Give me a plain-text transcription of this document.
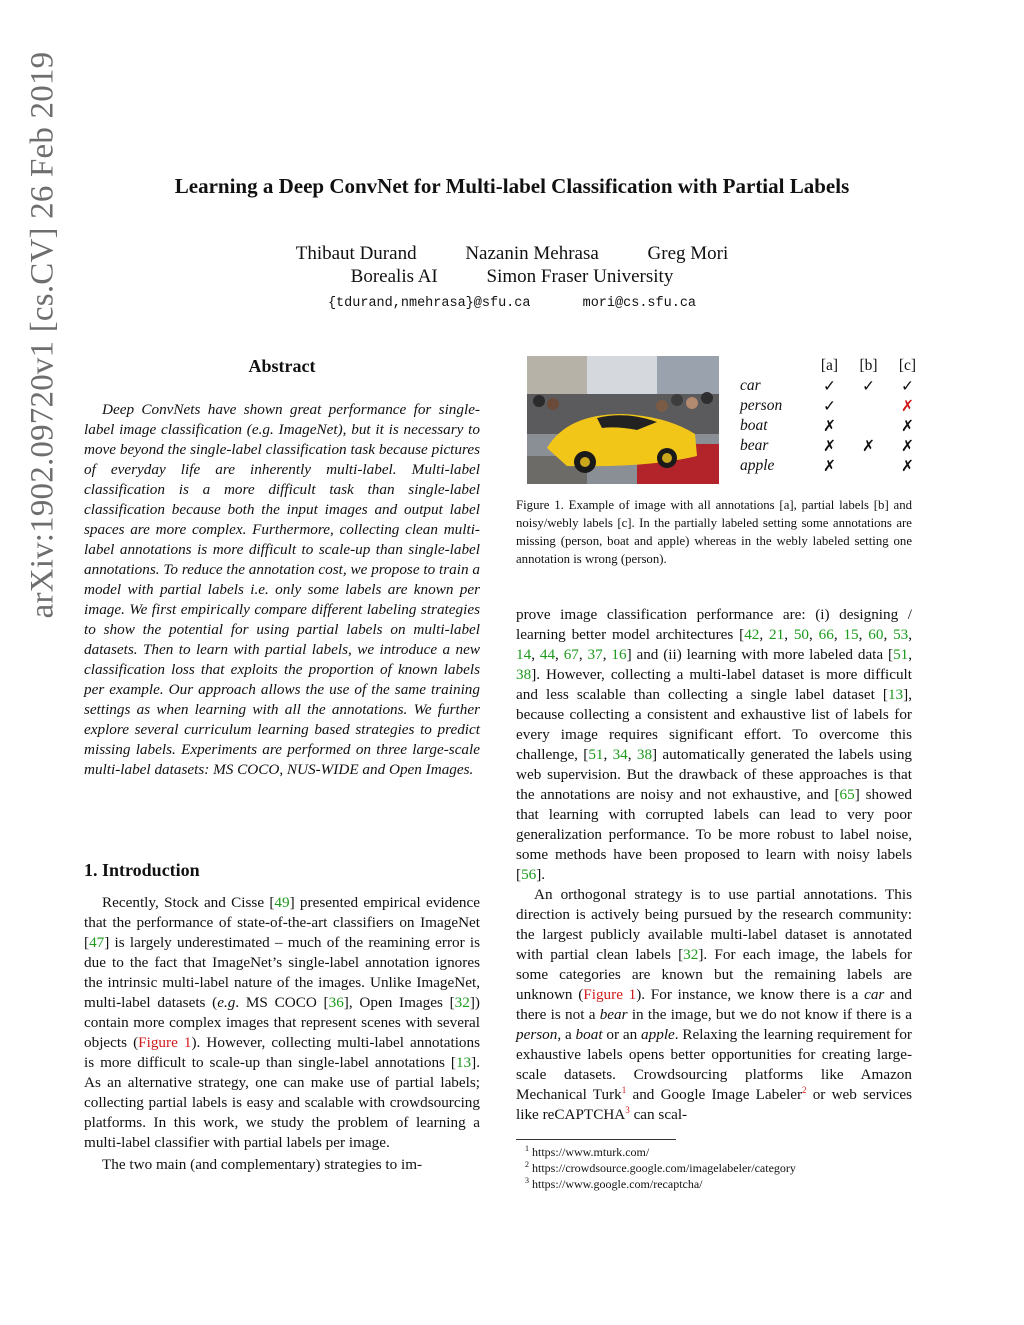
arXiv:1902.09720v1 [cs.CV] 26 Feb 2019	Learning a Deep ConvNet for Multi-label Classification with Partial Labels
Thibaut Durand	Nazanin Mehrasa	Greg Mori
Borealis AI	Simon Fraser University
{tdurand,nmehrasa}@sfu.ca	mori@cs.sfu.ca
Abstract

Deep ConvNets have shown great performance for single-label image classification (e.g. ImageNet), but it is necessary to move beyond the single-label classification task because pictures of everyday life are inherently multi-label. Multi-label classification is a more difficult task than single-label classification because both the input images and output label spaces are more complex. Furthermore, collecting clean multi-label annotations is more difficult to scale-up than single-label annotations. To reduce the annotation cost, we propose to train a model with partial labels i.e. only some labels are known per image. We first empirically compare different labeling strategies to show the potential for using partial labels on multi-label datasets. Then to learn with partial labels, we introduce a new classification loss that exploits the proportion of known labels per example. Our approach allows the use of the same training settings as when learning with all the annotations. We further explore several curriculum learning based strategies to predict missing labels. Experiments are performed on three large-scale multi-label datasets: MS COCO, NUS-WIDE and Open Images.

1. Introduction

Recently, Stock and Cisse [49] presented empirical evidence that the performance of state-of-the-art classifiers on ImageNet [47] is largely underestimated – much of the reamining error is due to the fact that ImageNet’s single-label annotation ignores the intrinsic multi-label nature of the images. Unlike ImageNet, multi-label datasets (e.g. MS COCO [36], Open Images [32]) contain more complex images that represent scenes with several objects (Figure 1). However, collecting multi-label annotations is more difficult to scale-up than single-label annotations [13]. As an alternative strategy, one can make use of partial labels; collecting partial labels is easy and scalable with crowdsourcing platforms. In this work, we study the problem of learning a multi-label classifier with partial labels per image.

The two main (and complementary) strategies to im-

	[a]	[b]	[c]
car	✓	✓	✓
person	✓		✗
boat	✗		✗
bear	✗	✗	✗
apple	✗		✗
Figure 1. Example of image with all annotations [a], partial labels [b] and noisy/webly labels [c]. In the partially labeled setting some annotations are missing (person, boat and apple) whereas in the webly labeled setting one annotation is wrong (person).

prove image classification performance are: (i) designing / learning better model architectures [42, 21, 50, 66, 15, 60, 53, 14, 44, 67, 37, 16] and (ii) learning with more labeled data [51, 38]. However, collecting a multi-label dataset is more difficult and less scalable than collecting a single label dataset [13], because collecting a consistent and exhaustive list of labels for every image requires significant effort. To overcome this challenge, [51, 34, 38] automatically generated the labels using web supervision. But the drawback of these approaches is that the annotations are noisy and not exhaustive, and [65] showed that learning with corrupted labels can lead to very poor generalization performance. To be more robust to label noise, some methods have been proposed to learn with noisy labels [56].

An orthogonal strategy is to use partial annotations. This direction is actively being pursued by the research community: the largest publicly available multi-label dataset is annotated with partial clean labels [32]. For each image, the labels for some categories are known but the remaining labels are unknown (Figure 1). For instance, we know there is a car and there is not a bear in the image, but we do not know if there is a person, a boat or an apple. Relaxing the learning requirement for exhaustive labels opens better opportunities for creating large-scale datasets. Crowdsourcing platforms like Amazon Mechanical Turk$^1$ and Google Image Labeler$^2$ or web services like reCAPTCHA$^3$ can scal-

1 https://www.mturk.com/
2 https://crowdsource.google.com/imagelabeler/category
3 https://www.google.com/recaptcha/
